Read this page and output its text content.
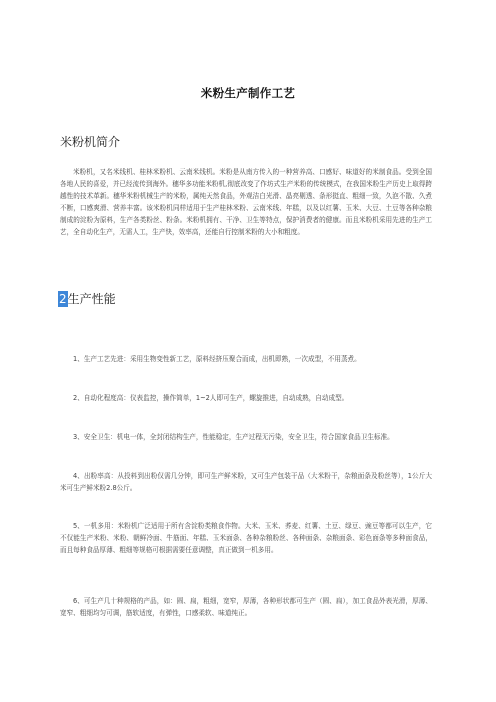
米粉生产制作工艺
米粉机简介

米粉机，又名米线机、桂林米粉机、云南米线机。米粉是从南方传入的一种营养高、口感好、味道好的米制食品。受到全国各地人民的喜爱，并已经流传到海外。穗华多功能米粉机,彻底改变了作坊式生产米粉的传统模式，在我国米粉生产历史上取得跨越性的技术革新。穗华米粉机械生产的米粉，属纯天然食品，外观洁白光滑、晶亮剔透、条形挺直、粗细一致，久泡不散、久煮不断，口感爽滑、营养丰富。该米粉机同样适用于生产桂林米粉、云南米线、年糕，以及以红薯、玉米、大豆、土豆等各种杂粮制成的淀粉为原料，生产各类粉丝、粉条。米粉机拥有、干净、卫生等特点，保护消费者的健康。而且米粉机采用先进的生产工艺，全自动化生产，无需人工，生产快，效率高，还能自行控制米粉的大小和粗度。

2生产性能

1、生产工艺先进：采用生物变性新工艺，原料经挤压聚合而成，出机即熟，一次成型，不用蒸煮。

2、自动化程度高：仪表监控，操作简单，1~2人即可生产，螺旋推进，自动成熟，自动成型。

3、安全卫生：机电一体，全封闭结构生产，性能稳定，生产过程无污染，安全卫生，符合国家食品卫生标准。

4、出粉率高：从投料到出粉仅需几分钟，即可生产鲜米粉，又可生产包装干品（大米粉干，杂粮面条及粉丝等），1公斤大米可生产鲜米粉2.8公斤。

5、一机多用：米粉机广泛适用于所有含淀粉类粮食作物。大米、玉米、荞麦、红薯、土豆、绿豆、豌豆等都可以生产，它不仅能生产米粉、米粉、朝鲜冷面、牛筋面、年糕、玉米面条、各种杂粮粉丝、各种面条、杂粮面条、彩色面条等多种面食品，而且每种食品厚薄、粗细等规格可根据需要任意调整，真正做到一机多用。

6、可生产几十种规格的产品，如：圆、扁，粗细，宽窄，厚薄，各种形状都可生产（圆、扁），加工食品外表光滑，厚薄、宽窄、粗细均匀可调，筋软适度，有弹性，口感柔软、味道纯正。
